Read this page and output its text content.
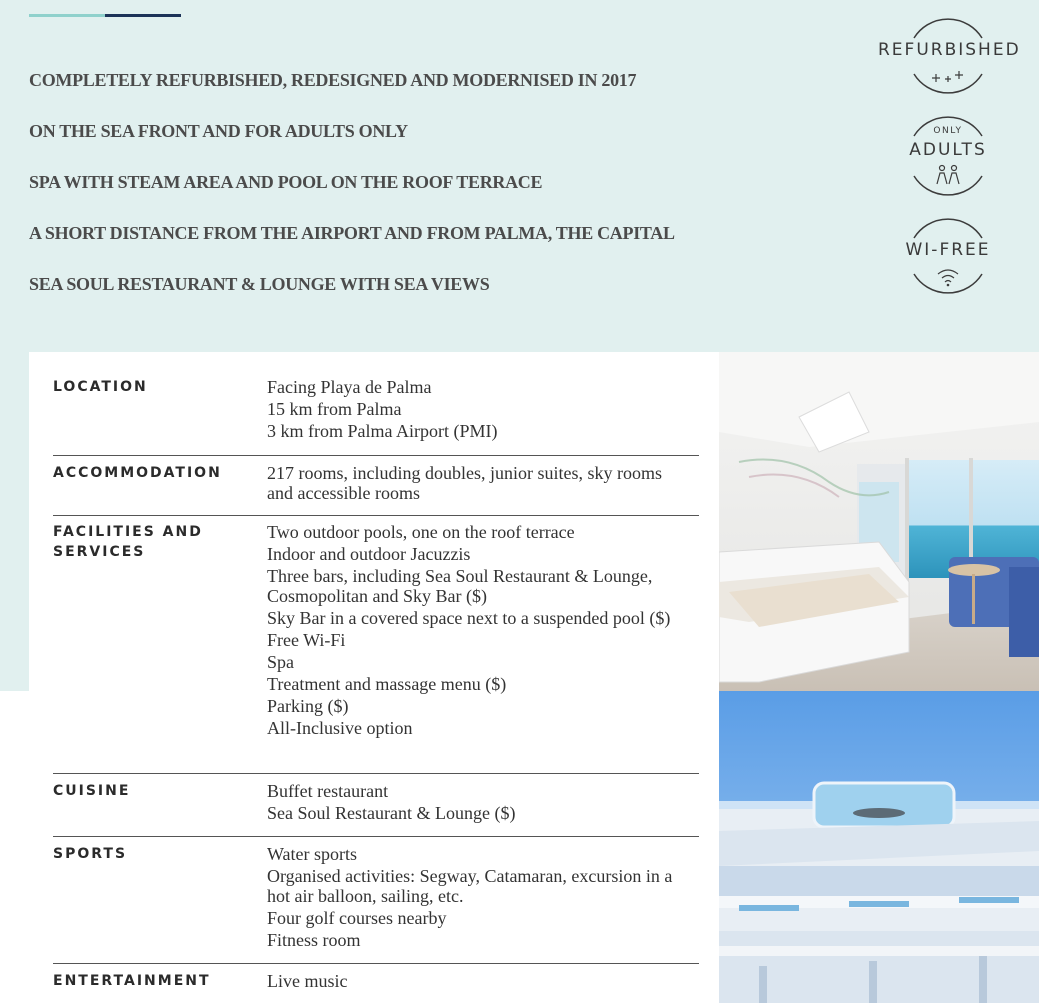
COMPLETELY REFURBISHED, REDESIGNED AND MODERNISED IN 2017
ON THE SEA FRONT AND FOR ADULTS ONLY
SPA WITH STEAM AREA AND POOL ON THE ROOF TERRACE
A SHORT DISTANCE FROM THE AIRPORT AND FROM PALMA, THE CAPITAL
SEA SOUL RESTAURANT & LOUNGE WITH SEA VIEWS
REFURBISHED
ONLY
ADULTS
WI-FREE
LOCATION	Facing Playa de Palma
15 km from Palma
3 km from Palma Airport (PMI)
ACCOMMODATION	217 rooms, including doubles, junior suites, sky rooms and accessible rooms
FACILITIES AND SERVICES
Two outdoor pools, one on the roof terrace
Indoor and outdoor Jacuzzis
Three bars, including Sea Soul Restaurant & Lounge, Cosmopolitan and Sky Bar ($)
Sky Bar in a covered space next to a suspended pool ($)
Free Wi-Fi
Spa
Treatment and massage menu ($)
Parking ($)
All-Inclusive option
CUISINE	Buffet restaurant
Sea Soul Restaurant & Lounge ($)
SPORTS	Water sports
Organised activities: Segway, Catamaran, excursion in a hot air balloon, sailing, etc.
Four golf courses nearby
Fitness room
ENTERTAINMENT	Live music
